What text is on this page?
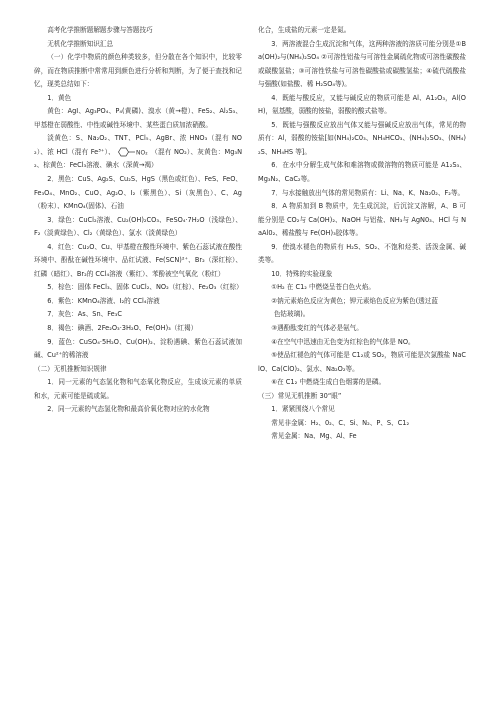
高考化学推断题解题步骤与答题技巧

无机化学推断知识汇总

（一）化学中物质的颜色种类较多，但分散在各个知识中，比较零碎，而在物质推断中常常用到颜色进行分析和判断，为了便于查找和记忆，现类总结如下：

1．黄色

黄色：AgI、Ag₃PO₄、P₄(黄磷)、溴水（黄→橙）、FeS₂、Al₂S₃、甲基橙在弱酸性、中性或碱性环境中、某些蛋白质加浓硝酸。

淡黄色：S、Na₂O₂、TNT、PCl₅、AgBr、浓 HNO₃（混有 NO₂）、浓 HCl（混有 Fe³⁺）、	NO₂ （混有 NO₂）、灰黄色：Mg₃N₂、棕黄色：FeCl₃溶液、碘水（深黄→褐）

2．黑色：CuS、Ag₂S、Cu₂S、HgS（黑色或红色）、FeS、FeO、Fe₃O₄、MnO₂、CuO、Ag₂O、I₂（紫黑色）、Si（灰黑色）、C、Ag（粉末）、KMnO₄(固体)、石油

3．绿色：CuCl₂溶液、Cu₂(OH)₂CO₃、FeSO₄·7H₂O（浅绿色）、F₂（淡黄绿色）、Cl₂（黄绿色）、氯水（淡黄绿色）

4．红色：Cu₂O、Cu、甲基橙在酸性环境中、紫色石蕊试液在酸性环境中、酚酞在碱性环境中、品红试液、Fe(SCN)²⁺、Br₂（深红棕）、红磷（暗红）、Br₂的 CCl₄溶液（紫红）、苯酚被空气氧化（粉红）

5．棕色：固体 FeCl₃、固体 CuCl₂、NO₂（红棕）、Fe₂O₃（红棕）

6．紫色：KMnO₄溶液、I₂的 CCl₄溶液

7．灰色：As、Sn、Fe₃C

8．褐色：碘酒、2Fe₂O₃·3H₂O、Fe(OH)₃（红褐）

9．蓝色：CuSO₄·5H₂O、Cu(OH)₂、淀粉遇碘、紫色石蕊试液加碱、Cu²⁺的稀溶液

（二）无机推断知识规律

1．同一元素的气态氢化物和气态氧化物反应，生成该元素的单质和水，元素可能是硫或氮。

2．同一元素的气态氢化物和最高价氧化物对应的水化物

化合，生成盐的元素一定是氮。

3．两溶液混合生成沉淀和气体，这两种溶液的溶质可能分别是①Ba(OH)₂与(NH₄)₂SO₄ ②可溶性铝盐与可溶性金属硫化物或可溶性碳酸盐或碳酸氢盐；③可溶性铁盐与可溶性碳酸盐或碳酸氢盐；④硫代硫酸盐与强酸(如盐酸、稀 H₂SO₄等)。

4．既能与酸反应，又能与碱反应的物质可能是 Al、A1₂O₃，Al(OH)，氨基酸，弱酸的铵盐，弱酸的酸式盐等。

5．既能与强酸反应放出气体又能与强碱反应放出气体，常见的物质有：Al，弱酸的铵盐[如(NH₄)₂C0₃、NH₄HCO₃、(NH₄)₂SO₃、(NH₄)₂S、NH₄HS 等]。

6．在水中分解生成气体和难溶物或微溶物的物质可能是 A1₂S₃、Mg₃N₂、CaC₂等。

7．与水接触放出气体的常见物质有：Li、Na、K、Na₂0₂、F₂等。

8．A 物质加到 B 物质中，先生成沉淀，后沉淀又溶解，A、B 可能分别是 CO₂与 Ca(OH)₂、NaOH 与铝盐、NH₃与 AgN0₃、HCl 与 NaAl0₂、稀盐酸与 Fe(OH)₃胶体等。

9．使溴水褪色的物质有 H₂S、SO₂、不饱和烃类、活泼金属、碱类等。

10．特殊的实验现象

①H₂ 在 C1₂ 中燃烧呈苍白色火焰。

②钠元素焰色反应为黄色；钾元素焰色反应为紫色(透过蓝

色钴玻璃)。

③遇酚酞变红的气体必是氨气。

④在空气中迅速由无色变为红棕色的气体是 NO。

⑤使品红褪色的气体可能是 C1₂或 SO₂，物质可能是次氯酸盐 NaClO、Ca(ClO)₂、氯水、Na₂O₂等。

⑥在 C1₂ 中燃烧生成白色烟雾的是磷。

（三）常见无机推断 30“眼”

1．紧紧围绕八个常见

常见非金属：H₂、0₂、C、Si、N₂、P、S、C1₂

常见金属：Na、Mg、Al、Fe
